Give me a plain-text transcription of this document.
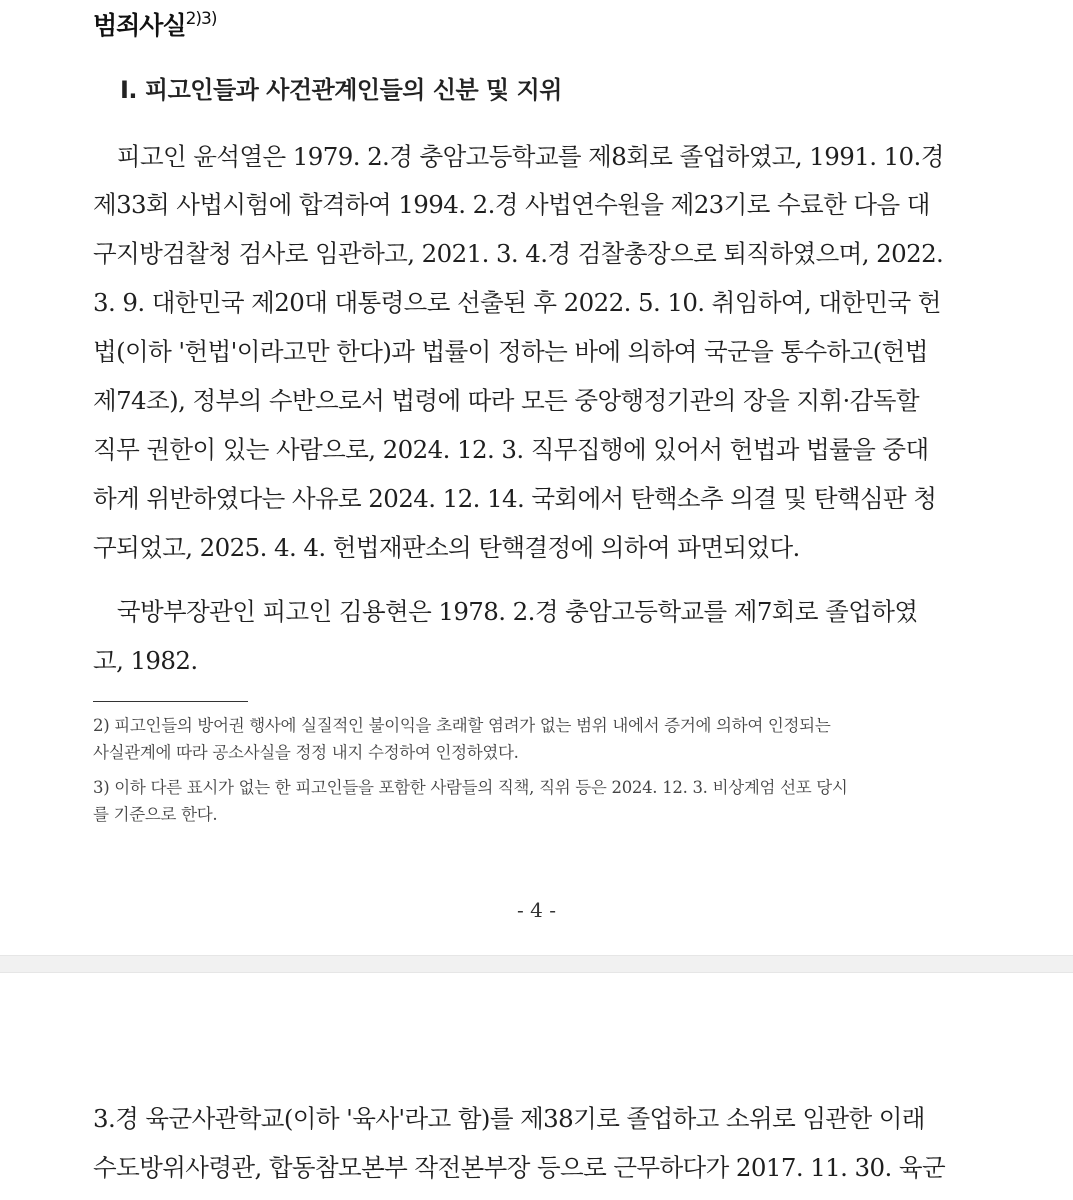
범죄사실$^{2)3)}$
Ⅰ. 피고인들과 사건관계인들의 신분 및 지위
　피고인 윤석열은 1979. 2.경 충암고등학교를 제8회로 졸업하였고, 1991. 10.경
제33회 사법시험에 합격하여 1994. 2.경 사법연수원을 제23기로 수료한 다음 대
구지방검찰청 검사로 임관하고, 2021. 3. 4.경 검찰총장으로 퇴직하였으며, 2022.
3. 9. 대한민국 제20대 대통령으로 선출된 후 2022. 5. 10. 취임하여, 대한민국 헌
법(이하 '헌법'이라고만 한다)과 법률이 정하는 바에 의하여 국군을 통수하고(헌법
제74조), 정부의 수반으로서 법령에 따라 모든 중앙행정기관의 장을 지휘·감독할
직무 권한이 있는 사람으로, 2024. 12. 3. 직무집행에 있어서 헌법과 법률을 중대
하게 위반하였다는 사유로 2024. 12. 14. 국회에서 탄핵소추 의결 및 탄핵심판 청
구되었고, 2025. 4. 4. 헌법재판소의 탄핵결정에 의하여 파면되었다.
　국방부장관인 피고인 김용현은 1978. 2.경 충암고등학교를 제7회로 졸업하였
고, 1982.
2) 피고인들의 방어권 행사에 실질적인 불이익을 초래할 염려가 없는 범위 내에서 증거에 의하여 인정되는
사실관계에 따라 공소사실을 정정 내지 수정하여 인정하였다.
3) 이하 다른 표시가 없는 한 피고인들을 포함한 사람들의 직책, 직위 등은 2024. 12. 3. 비상계엄 선포 당시
를 기준으로 한다.
- 4 -
3.경 육군사관학교(이하 '육사'라고 함)를 제38기로 졸업하고 소위로 임관한 이래
수도방위사령관, 합동참모본부 작전본부장 등으로 근무하다가 2017. 11. 30. 육군
